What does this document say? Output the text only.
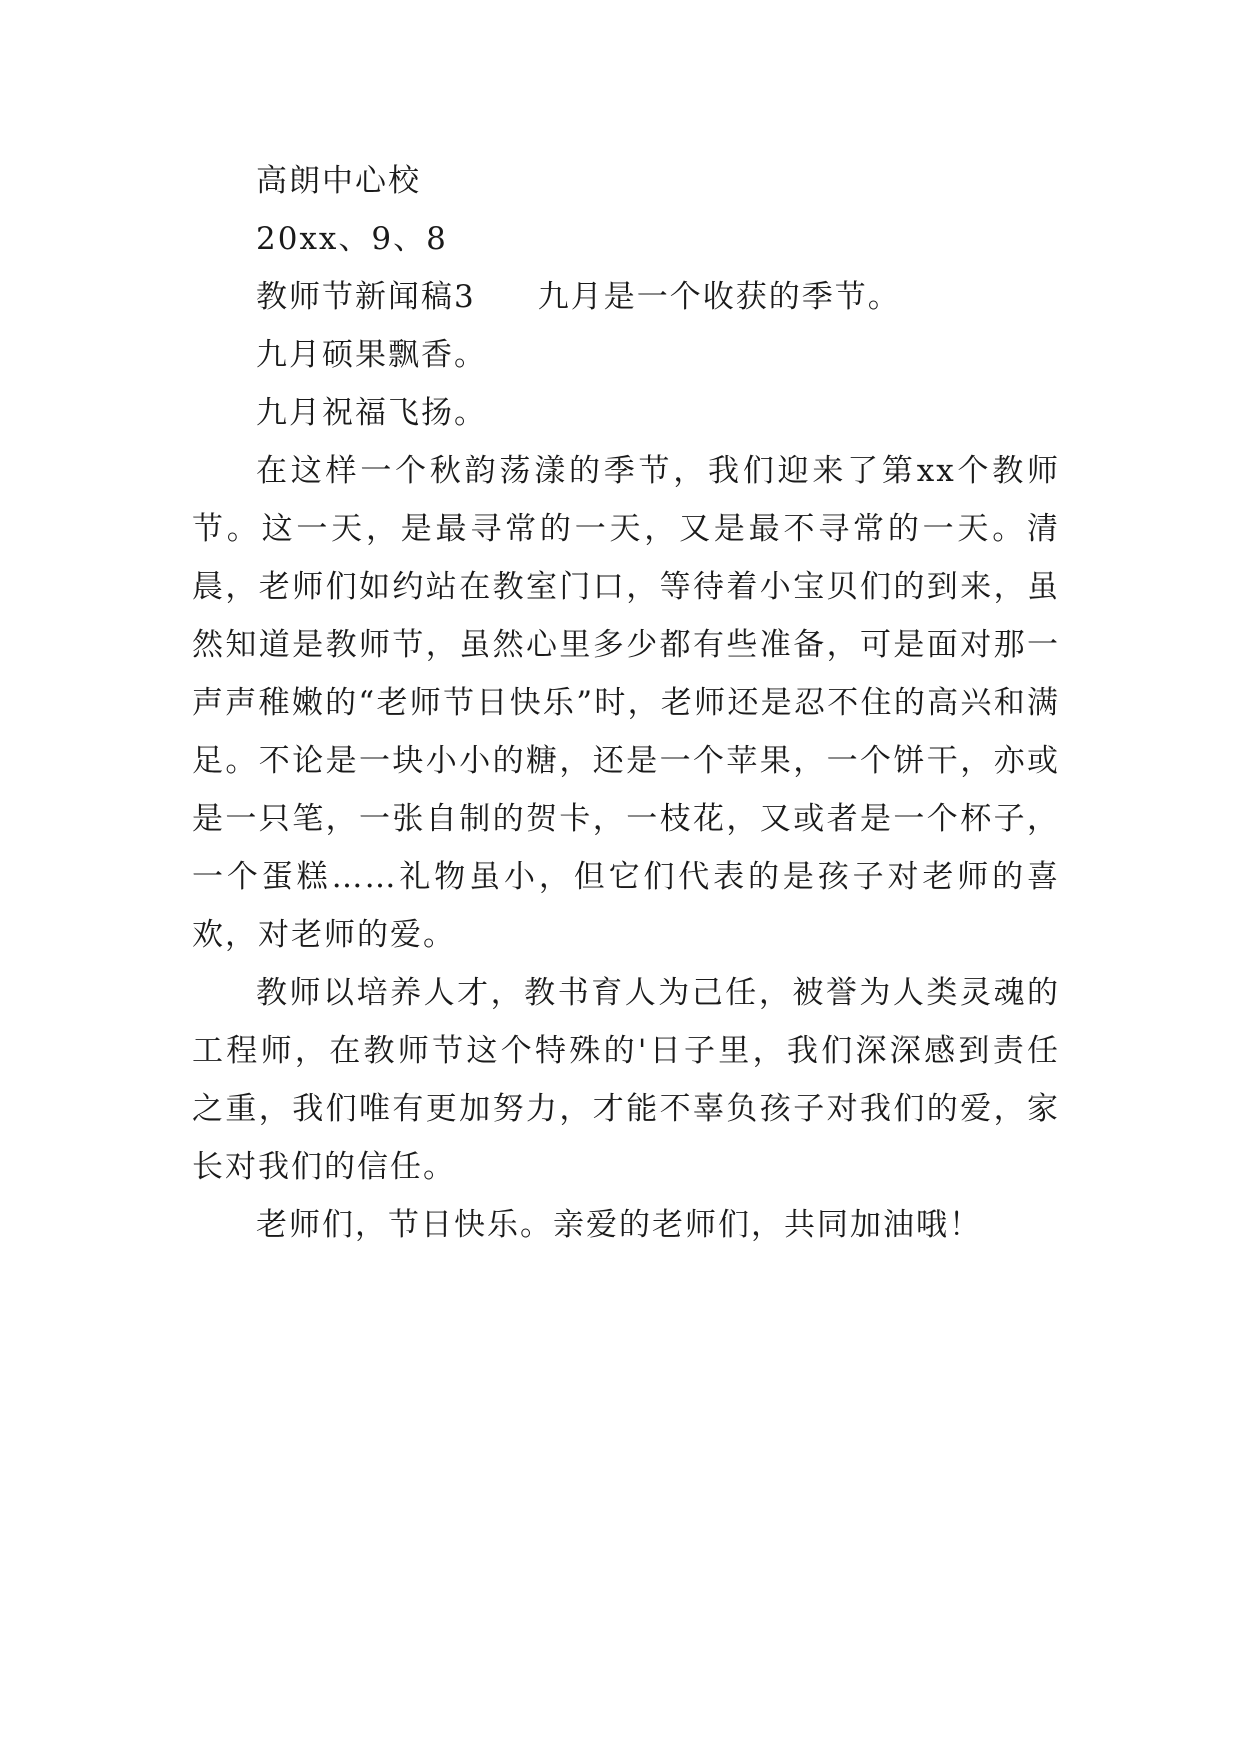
高朗中心校
20xx、9、8
教师节新闻稿3 九月是一个收获的季节。
九月硕果飘香。
九月祝福飞扬。

在这样一个秋韵荡漾的季节，我们迎来了第xx个教师节。这一天，是最寻常的一天，又是最不寻常的一天。清晨，老师们如约站在教室门口，等待着小宝贝们的到来，虽然知道是教师节，虽然心里多少都有些准备，可是面对那一声声稚嫩的“老师节日快乐”时，老师还是忍不住的高兴和满足。不论是一块小小的糖，还是一个苹果，一个饼干，亦或是一只笔，一张自制的贺卡，一枝花，又或者是一个杯子，一个蛋糕……礼物虽小，但它们代表的是孩子对老师的喜欢，对老师的爱。

教师以培养人才，教书育人为己任，被誉为人类灵魂的工程师，在教师节这个特殊的'日子里，我们深深感到责任之重，我们唯有更加努力，才能不辜负孩子对我们的爱，家长对我们的信任。

老师们，节日快乐。亲爱的老师们，共同加油哦！
